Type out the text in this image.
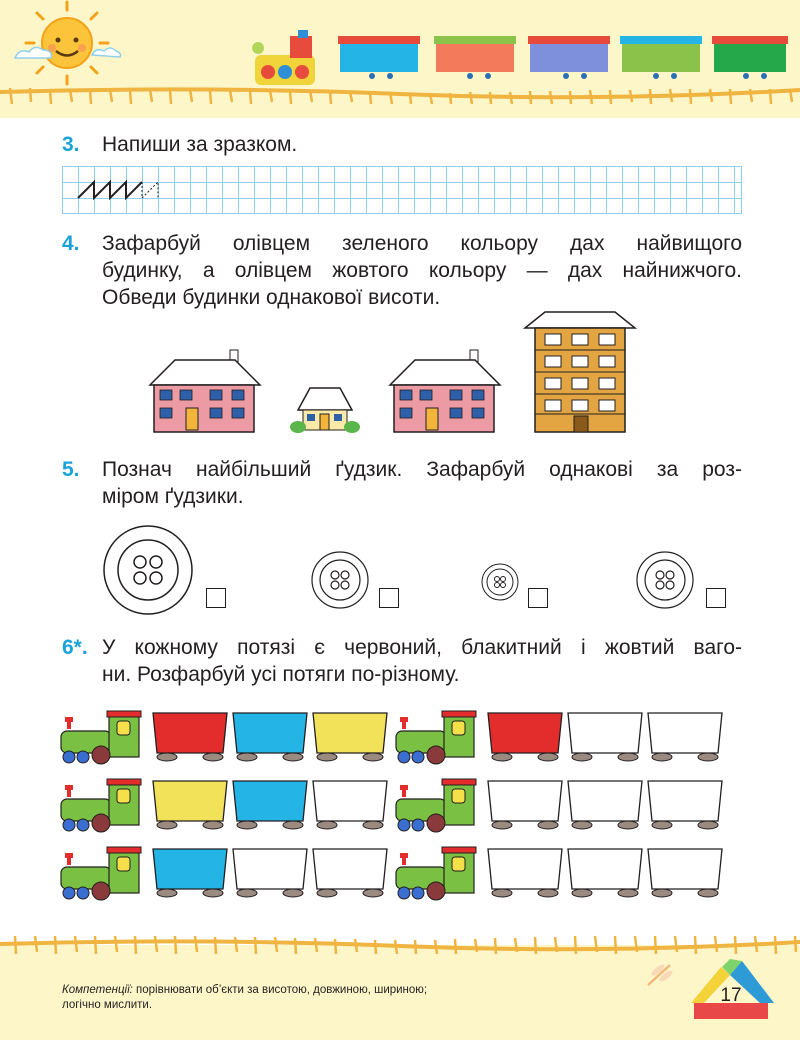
3. Напиши за зразком.
4. Зафарбуй олівцем зеленого кольору дах найвищого
будинку, а олівцем жовтого кольору — дах найнижчого.
Обведи будинки однакової висоти.
5. Познач найбільший ґудзик. Зафарбуй однакові за роз-
міром ґудзики.
6*. У кожному потязі є червоний, блакитний і жовтий ваго-
ни. Розфарбуй усі потяги по-різному.
Компетенції: порівнювати об’єкти за висотою, довжиною, шириною;
логічно мислити.	17
